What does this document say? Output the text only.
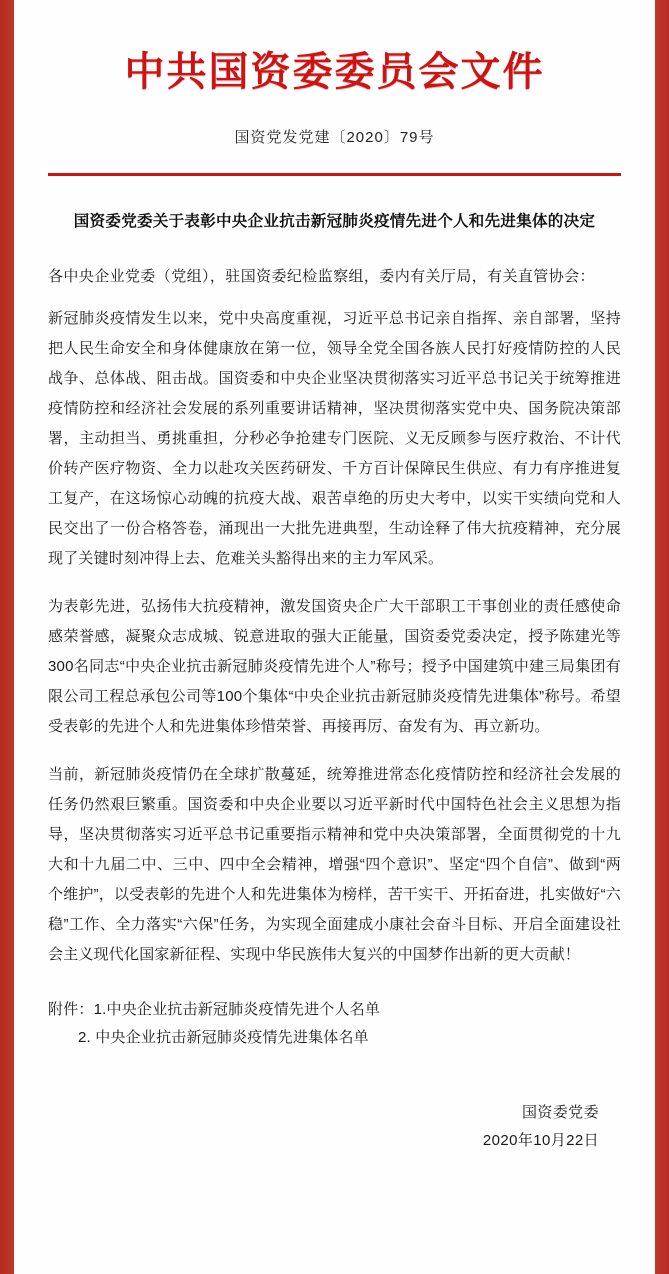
中共国资委委员会文件
国资党发党建〔2020〕79号
国资委党委关于表彰中央企业抗击新冠肺炎疫情先进个人和先进集体的决定
各中央企业党委（党组），驻国资委纪检监察组，委内有关厅局，有关直管协会：
新冠肺炎疫情发生以来，党中央高度重视，习近平总书记亲自指挥、亲自部署，坚持把人民生命安全和身体健康放在第一位，领导全党全国各族人民打好疫情防控的人民战争、总体战、阻击战。国资委和中央企业坚决贯彻落实习近平总书记关于统筹推进疫情防控和经济社会发展的系列重要讲话精神，坚决贯彻落实党中央、国务院决策部署，主动担当、勇挑重担，分秒必争抢建专门医院、义无反顾参与医疗救治、不计代价转产医疗物资、全力以赴攻关医药研发、千方百计保障民生供应、有力有序推进复工复产，在这场惊心动魄的抗疫大战、艰苦卓绝的历史大考中，以实干实绩向党和人民交出了一份合格答卷，涌现出一大批先进典型，生动诠释了伟大抗疫精神，充分展现了关键时刻冲得上去、危难关头豁得出来的主力军风采。
为表彰先进，弘扬伟大抗疫精神，激发国资央企广大干部职工干事创业的责任感使命感荣誉感，凝聚众志成城、锐意进取的强大正能量，国资委党委决定，授予陈建光等300名同志“中央企业抗击新冠肺炎疫情先进个人”称号；授予中国建筑中建三局集团有限公司工程总承包公司等100个集体“中央企业抗击新冠肺炎疫情先进集体”称号。希望受表彰的先进个人和先进集体珍惜荣誉、再接再厉、奋发有为、再立新功。
当前，新冠肺炎疫情仍在全球扩散蔓延，统筹推进常态化疫情防控和经济社会发展的任务仍然艰巨繁重。国资委和中央企业要以习近平新时代中国特色社会主义思想为指导，坚决贯彻落实习近平总书记重要指示精神和党中央决策部署，全面贯彻党的十九大和十九届二中、三中、四中全会精神，增强“四个意识”、坚定“四个自信”、做到“两个维护”，以受表彰的先进个人和先进集体为榜样，苦干实干、开拓奋进，扎实做好“六稳”工作、全力落实“六保”任务，为实现全面建成小康社会奋斗目标、开启全面建设社会主义现代化国家新征程、实现中华民族伟大复兴的中国梦作出新的更大贡献！
附件：1.中央企业抗击新冠肺炎疫情先进个人名单
2. 中央企业抗击新冠肺炎疫情先进集体名单
国资委党委
2020年10月22日
